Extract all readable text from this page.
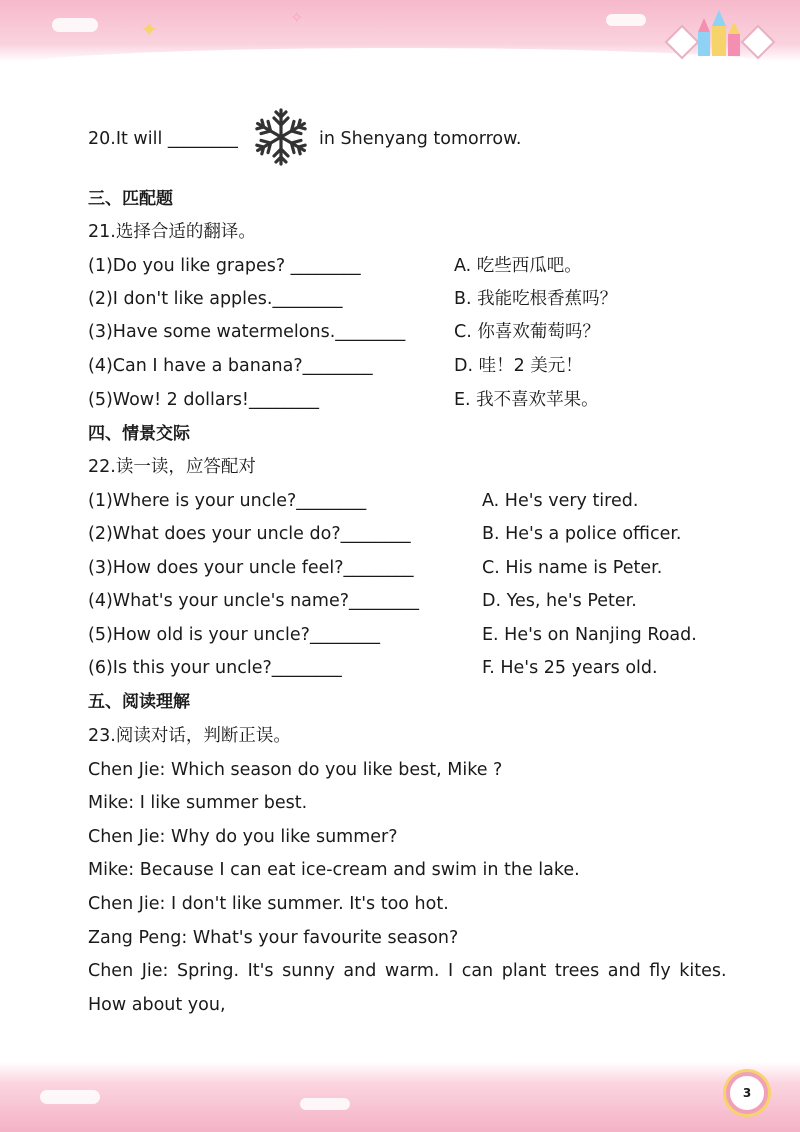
✦
✧
20.It will ________	in Shenyang tomorrow.
三、匹配题
21.选择合适的翻译。
(1)Do you like grapes? ________
(2)I don't like apples.________
(3)Have some watermelons.________
(4)Can I have a banana?________
(5)Wow! 2 dollars!________
A. 吃些西瓜吧。
B. 我能吃根香蕉吗？
C. 你喜欢葡萄吗？
D. 哇！2 美元！
E. 我不喜欢苹果。
四、情景交际
22.读一读，应答配对
(1)Where is your uncle?________
(2)What does your uncle do?________
(3)How does your uncle feel?________
(4)What's your uncle's name?________
(5)How old is your uncle?________
(6)Is this your uncle?________
A. He's very tired.
B. He's a police officer.
C. His name is Peter.
D. Yes, he's Peter.
E. He's on Nanjing Road.
F. He's 25 years old.
五、阅读理解
23.阅读对话，判断正误。
Chen Jie: Which season do you like best, Mike ?
Mike: I like summer best.
Chen Jie: Why do you like summer?
Mike: Because I can eat ice-cream and swim in the lake.
Chen Jie: I don't like summer. It's too hot.
Zang Peng: What's your favourite season?
Chen Jie: Spring. It's sunny and warm. I can plant trees and fly kites.
How about you,
3
